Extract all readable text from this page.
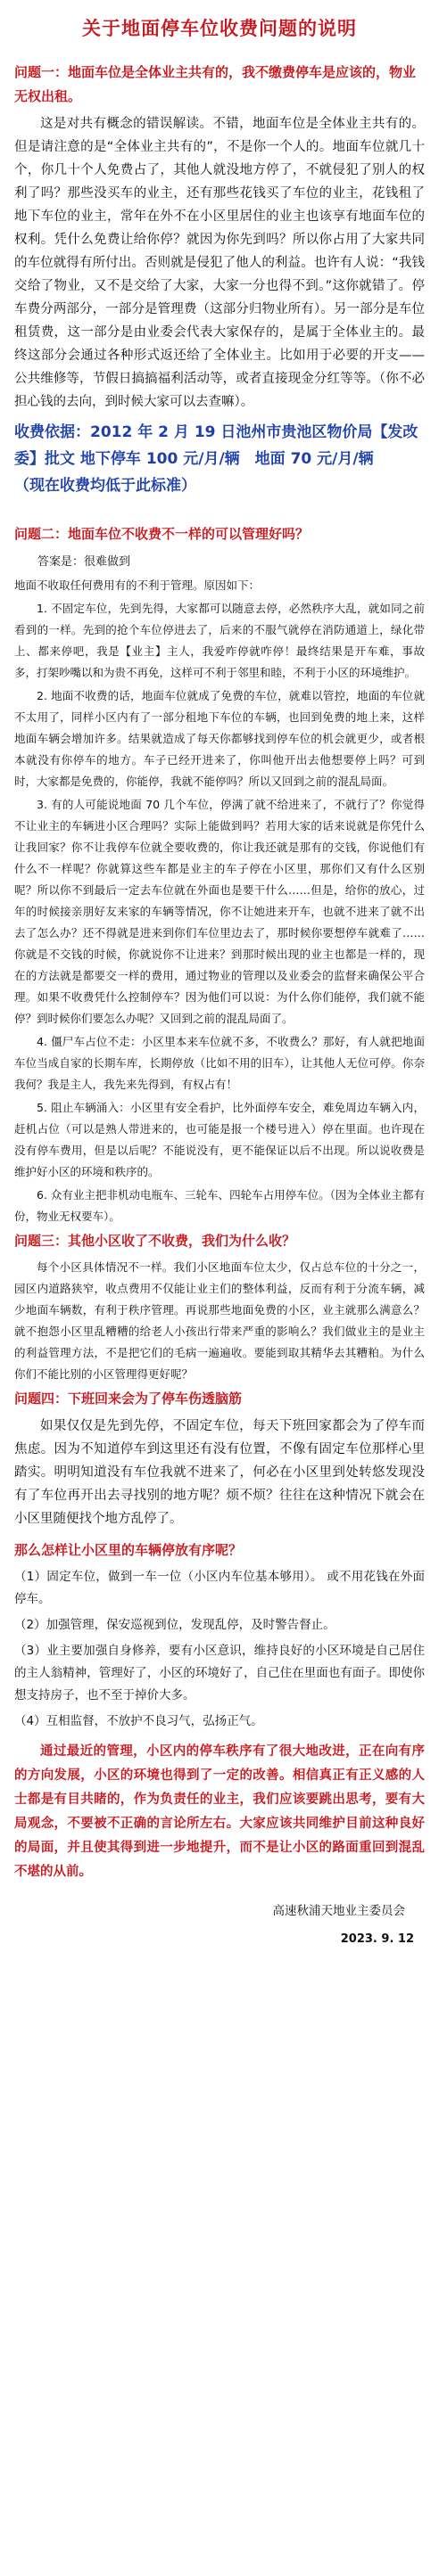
关于地面停车位收费问题的说明
问题一：地面车位是全体业主共有的，我不缴费停车是应该的，物业无权出租。
这是对共有概念的错误解读。不错，地面车位是全体业主共有的。但是请注意的是“全体业主共有的”，不是你一个人的。地面车位就几十个，你几十个人免费占了，其他人就没地方停了，不就侵犯了别人的权利了吗？那些没买车的业主，还有那些花钱买了车位的业主，花钱租了地下车位的业主，常年在外不在小区里居住的业主也该享有地面车位的权利。凭什么免费让给你停？就因为你先到吗？所以你占用了大家共同的车位就得有所付出。否则就是侵犯了他人的利益。也许有人说：“我钱交给了物业，又不是交给了大家，大家一分也得不到。”这你就错了。停车费分两部分，一部分是管理费（这部分归物业所有）。另一部分是车位租赁费，这一部分是由业委会代表大家保存的，是属于全体业主的。最终这部分会通过各种形式返还给了全体业主。比如用于必要的开支——公共维修等，节假日搞搞福利活动等，或者直接现金分红等等。（你不必担心钱的去向，到时候大家可以去查嘛）。
收费依据：2012 年 2 月 19 日池州市贵池区物价局【发改委】批文 地下停车 100 元/月/辆　地面 70 元/月/辆
（现在收费均低于此标准）
问题二：地面车位不收费不一样的可以管理好吗？
答案是：很难做到
地面不收取任何费用有的不利于管理。原因如下：
1. 不固定车位，先到先得，大家都可以随意去停，必然秩序大乱，就如同之前看到的一样。先到的抢个车位停进去了，后来的不服气就停在消防通道上，绿化带上、都来停吧，我是【业主】主人，我爱咋停就咋停！最终结果是开车难，事故多，打架吵嘴以和为贵不再免，这样可不利于邻里和睦，不利于小区的环境维护。
2. 地面不收费的话，地面车位就成了免费的车位，就难以管控，地面的车位就不太用了，同样小区内有了一部分租地下车位的车辆，也回到免费的地上来，这样地面车辆会增加许多。结果就造成了每天你都够找到停车位的机会就更少，或者根本就没有你停车的地方。车子已经开进来了，你叫他开出去他想要停上吗？可到时，大家都是免费的，你能停，我就不能停吗？所以又回到之前的混乱局面。
3. 有的人可能说地面 70 几个车位，停满了就不给进来了，不就行了？你觉得不让业主的车辆进小区合理吗？实际上能做到吗？若用大家的话来说就是你凭什么让我回家？你不让我停车位就全要收费的，你让我还就是那有的交钱，你说他们有什么不一样呢？你就算这些车都是业主的车子停在小区里，那你们又有什么区别呢？所以你不到最后一定去车位就在外面也是要干什么……但是，给你的放心，过年的时候接亲朋好友来家的车辆等情况，你不让她进来开车，也就不进来了就不出去了怎么办？还不得就是进来到你们车位里边去了，那时候你要想停车就难了……你就是不交钱的时候，你就说你不让进来？到那时候出现的业主也都是一样的，现在的方法就是都要交一样的费用，通过物业的管理以及业委会的监督来确保公平合理。如果不收费凭什么控制停车？因为他们可以说：为什么你们能停，我们就不能停？到时候你们要怎么办呢？又回到之前的混乱局面了。
4. 僵尸车占位不走：小区里本来车位就不多，不收费么？那好，有人就把地面车位当成自家的长期车库，长期停放（比如不用的旧车），让其他人无位可停。你奈我何？我是主人，我先来先得到，有权占有！
5. 阻止车辆涌入：小区里有安全看护，比外面停车安全，难免周边车辆入内，赶机占位（可以是熟人带进来的，也可能是报一个楼号进入）停在里面。也许现在没有停车费用，但是以后呢？不能说没有，更不能保证以后不出现。所以说收费是维护好小区的环境和秩序的。
6. 众有业主把非机动电瓶车、三轮车、四轮车占用停车位。（因为全体业主都有份，物业无权要车）。
问题三：其他小区收了不收费，我们为什么收？
每个小区具体情况不一样。我们小区地面车位太少，仅占总车位的十分之一，园区内道路狭窄，收点费用不仅能让业主们的整体利益，反而有利于分流车辆，减少地面车辆数，有利于秩序管理。再说那些地面免费的小区，业主就那么满意么？就不抱怨小区里乱糟糟的给老人小孩出行带来严重的影响么？我们做业主的是业主的利益管理方法，不是把它们的毛病一遍遍收。要能到取其精华去其糟粕。为什么你们不能比别的小区管理得更好呢？
问题四：下班回来会为了停车伤透脑筋
如果仅仅是先到先停，不固定车位，每天下班回家都会为了停车而焦虑。因为不知道停车到这里还有没有位置，不像有固定车位那样心里踏实。明明知道没有车位我就不进来了，何必在小区里到处转悠发现没有了车位再开出去寻找别的地方呢？烦不烦？往往在这种情况下就会在小区里随便找个地方乱停了。
那么怎样让小区里的车辆停放有序呢？
（1）固定车位，做到一车一位（小区内车位基本够用）。 或不用花钱在外面停车。
（2）加强管理，保安巡视到位，发现乱停，及时警告督止。
（3）业主要加强自身修养，要有小区意识，维持良好的小区环境是自己居住的主人翁精神，管理好了，小区的环境好了，自己住在里面也有面子。即使你想支持房子，也不至于掉价大多。
（4）互相监督，不放护不良习气，弘扬正气。
通过最近的管理，小区内的停车秩序有了很大地改进，正在向有序的方向发展，小区的环境也得到了一定的改善。相信真正有正义感的人士都是有目共睹的，作为负责任的业主，我们应该要跳出思考，要有大局观念，不要被不正确的言论所左右。大家应该共同维护目前这种良好的局面，并且使其得到进一步地提升，而不是让小区的路面重回到混乱不堪的从前。
高速秋浦天地业主委员会
2023. 9. 12
